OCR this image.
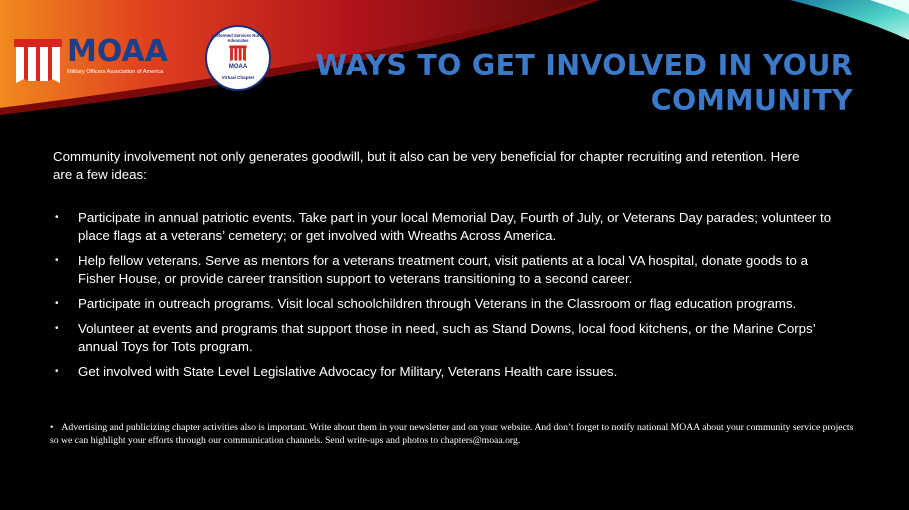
MOAA
Military Officers Association of America
Uniformed Services Nurse Advocates
MOAA
Virtual Chapter	WAYS TO GET INVOLVED IN YOUR
COMMUNITY

Community involvement not only generates goodwill, but it also can be very beneficial for chapter recruiting and retention. Here are a few ideas:

• Participate in annual patriotic events. Take part in your local Memorial Day, Fourth of July, or Veterans Day parades; volunteer to place flags at a veterans’ cemetery; or get involved with Wreaths Across America.
• Help fellow veterans. Serve as mentors for a veterans treatment court, visit patients at a local VA hospital, donate goods to a Fisher House, or provide career transition support to veterans transitioning to a second career.
• Participate in outreach programs. Visit local schoolchildren through Veterans in the Classroom or flag education programs.
• Volunteer at events and programs that support those in need, such as Stand Downs, local food kitchens, or the Marine Corps’ annual Toys for Tots program.
• Get involved with State Level Legislative Advocacy for Military, Veterans Health care issues.

• Advertising and publicizing chapter activities also is important. Write about them in your newsletter and on your website. And don’t forget to notify national MOAA about your community service projects so we can highlight your efforts through our communication channels. Send write-ups and photos to chapters@moaa.org.
